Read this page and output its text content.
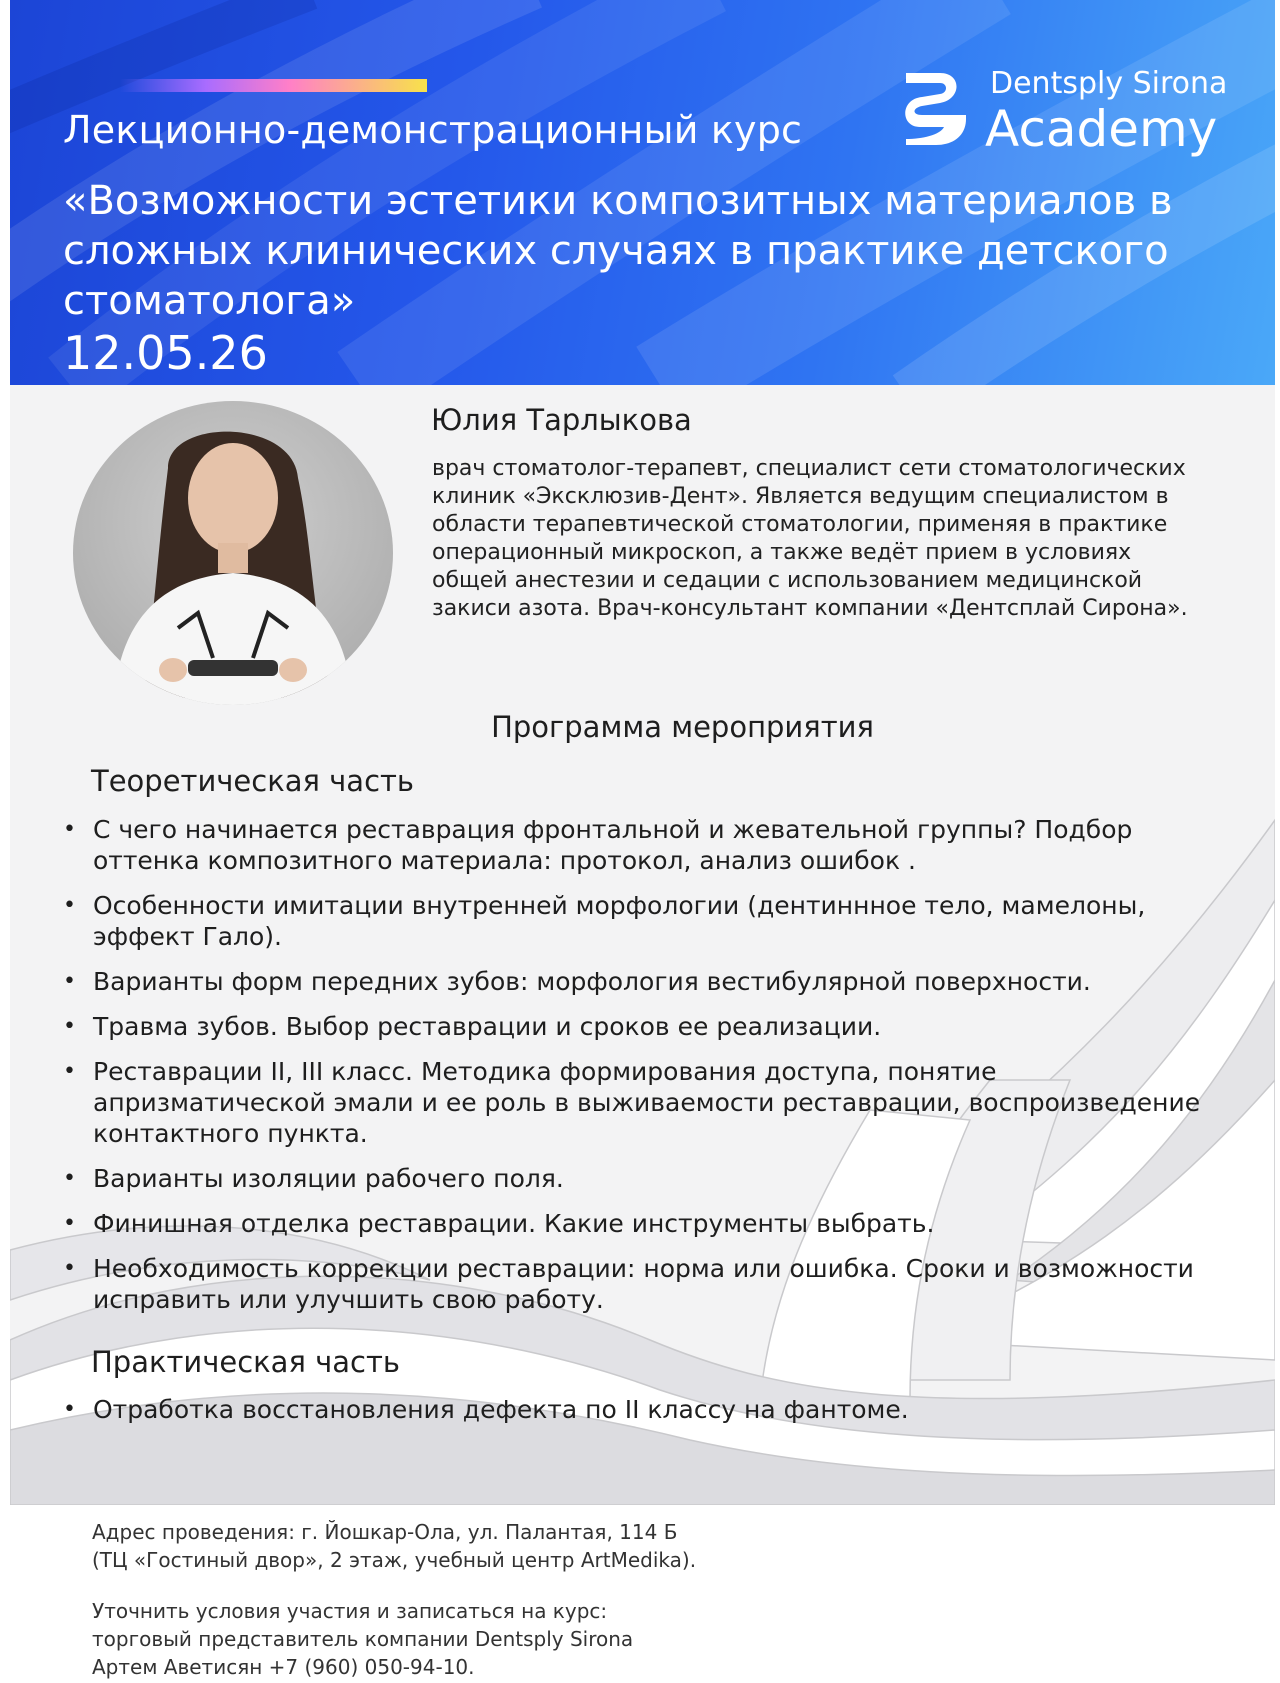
Лекционно-демонстрационный курс
«Возможности эстетики композитных материалов в сложных клинических случаях в практике детского стоматолога»
12.05.26
Dentsply Sirona
Academy
Юлия Тарлыкова
врач стоматолог-терапевт, специалист сети стоматологических клиник «Эксклюзив-Дент». Является ведущим специалистом в области терапевтической стоматологии, применяя в практике операционный микроскоп, а также ведёт прием в условиях общей анестезии и седации с использованием медицинской закиси азота. Врач-консультант компании «Дентсплай Сирона».
Программа мероприятия
Теоретическая часть
• С чего начинается реставрация фронтальной и жевательной группы? Подбор оттенка композитного материала: протокол, анализ ошибок .
• Особенности имитации внутренней морфологии (дентиннное тело, мамелоны, эффект Гало).
• Варианты форм передних зубов: морфология вестибулярной поверхности.
• Травма зубов. Выбор реставрации и сроков ее реализации.
• Реставрации II, III класс. Методика формирования доступа, понятие апризматической эмали и ее роль в выживаемости реставрации, воспроизведение контактного пункта.
• Варианты изоляции рабочего поля.
• Финишная отделка реставрации. Какие инструменты выбрать.
• Необходимость коррекции реставрации: норма или ошибка. Сроки и возможности исправить или улучшить свою работу.
Практическая часть
• Отработка восстановления дефекта по II классу на фантоме.
Адрес проведения: г. Йошкар-Ола, ул. Палантая, 114 Б
(ТЦ «Гостиный двор», 2 этаж, учебный центр ArtMedika).
Уточнить условия участия и записаться на курс:
торговый представитель компании Dentsply Sirona
Артем Аветисян +7 (960) 050-94-10.
